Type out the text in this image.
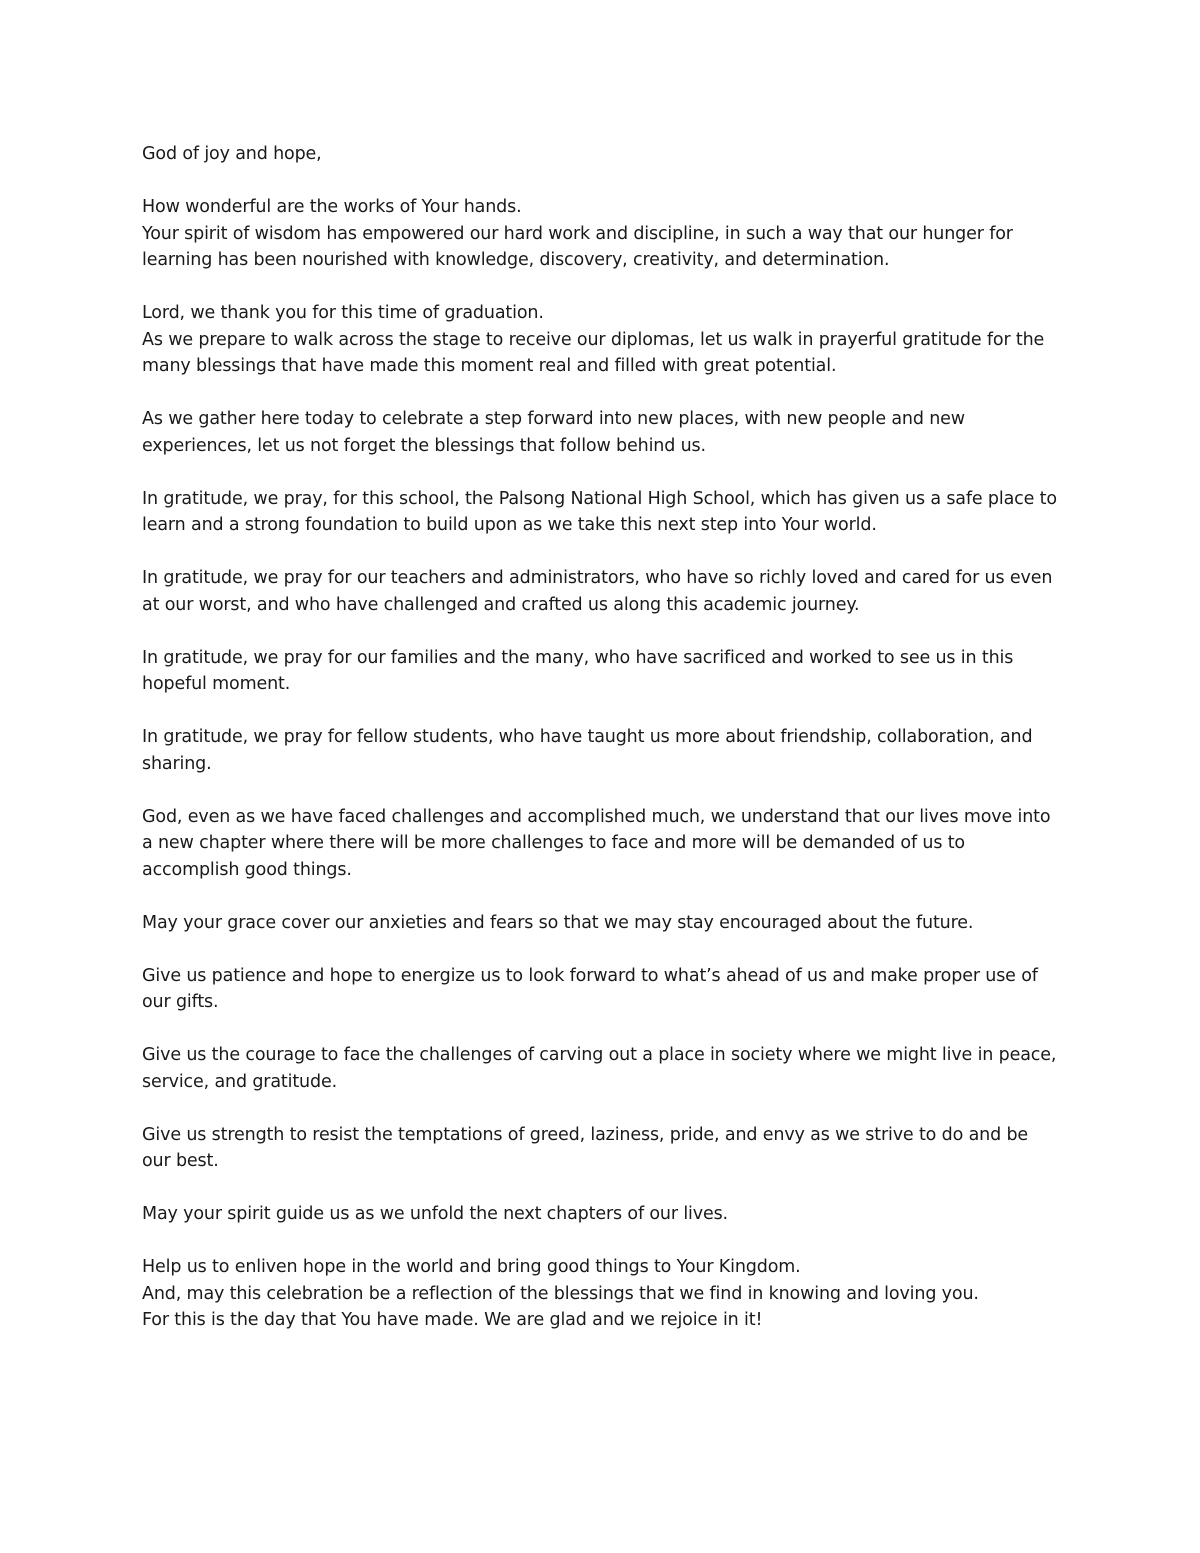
God of joy and hope,

How wonderful are the works of Your hands.
Your spirit of wisdom has empowered our hard work and discipline, in such a way that our hunger for
learning has been nourished with knowledge, discovery, creativity, and determination.

Lord, we thank you for this time of graduation.
As we prepare to walk across the stage to receive our diplomas, let us walk in prayerful gratitude for the
many blessings that have made this moment real and filled with great potential.

As we gather here today to celebrate a step forward into new places, with new people and new
experiences, let us not forget the blessings that follow behind us.

In gratitude, we pray, for this school, the Palsong National High School, which has given us a safe place to
learn and a strong foundation to build upon as we take this next step into Your world.

In gratitude, we pray for our teachers and administrators, who have so richly loved and cared for us even
at our worst, and who have challenged and crafted us along this academic journey.

In gratitude, we pray for our families and the many, who have sacrificed and worked to see us in this
hopeful moment.

In gratitude, we pray for fellow students, who have taught us more about friendship, collaboration, and
sharing.

God, even as we have faced challenges and accomplished much, we understand that our lives move into
a new chapter where there will be more challenges to face and more will be demanded of us to
accomplish good things.

May your grace cover our anxieties and fears so that we may stay encouraged about the future.

Give us patience and hope to energize us to look forward to what’s ahead of us and make proper use of
our gifts.

Give us the courage to face the challenges of carving out a place in society where we might live in peace,
service, and gratitude.

Give us strength to resist the temptations of greed, laziness, pride, and envy as we strive to do and be
our best.

May your spirit guide us as we unfold the next chapters of our lives.

Help us to enliven hope in the world and bring good things to Your Kingdom.
And, may this celebration be a reflection of the blessings that we find in knowing and loving you.
For this is the day that You have made. We are glad and we rejoice in it!
